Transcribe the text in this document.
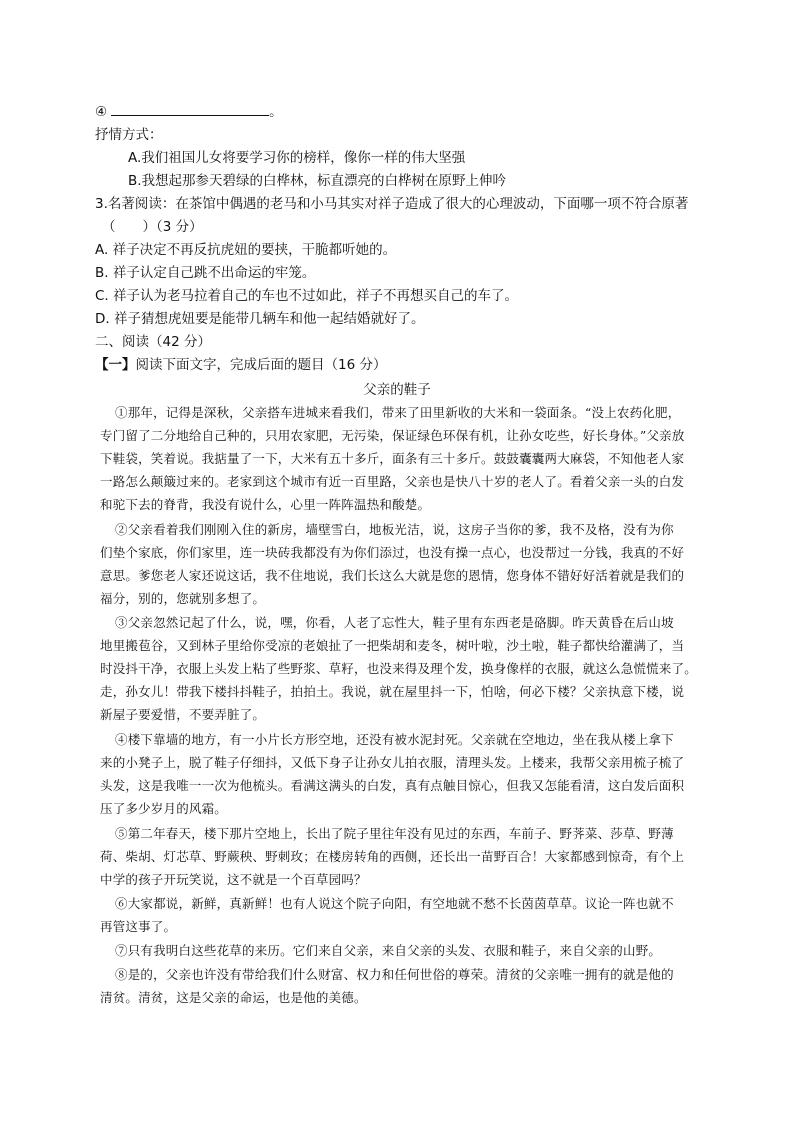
④	。
抒情方式：
A.我们祖国儿女将要学习你的榜样，像你一样的伟大坚强
B.我想起那参天碧绿的白桦林，标直漂亮的白桦树在原野上伸吟
3.名著阅读：在茶馆中偶遇的老马和小马其实对祥子造成了很大的心理波动，下面哪一项不符合原著
（　　）（3 分）
A. 祥子决定不再反抗虎妞的要挟，干脆都听她的。
B. 祥子认定自己跳不出命运的牢笼。
C. 祥子认为老马拉着自己的车也不过如此，祥子不再想买自己的车了。
D. 祥子猜想虎妞要是能带几辆车和他一起结婚就好了。
二、阅读（42 分）
【一】阅读下面文字，完成后面的题目（16 分）
父亲的鞋子
①那年，记得是深秋，父亲搭车进城来看我们，带来了田里新收的大米和一袋面条。“没上农药化肥，
专门留了二分地给自己种的，只用农家肥，无污染，保证绿色环保有机，让孙女吃些，好长身体。”父亲放
下鞋袋，笑着说。我掂量了一下，大米有五十多斤，面条有三十多斤。鼓鼓囊囊两大麻袋，不知他老人家
一路怎么颠簸过来的。老家到这个城市有近一百里路，父亲也是快八十岁的老人了。看着父亲一头的白发
和驼下去的脊背，我没有说什么，心里一阵阵温热和酸楚。
②父亲看着我们刚刚入住的新房，墙壁雪白，地板光洁，说，这房子当你的爹，我不及格，没有为你
们垫个家底，你们家里，连一块砖我都没有为你们添过，也没有操一点心，也没帮过一分钱，我真的不好
意思。爹您老人家还说这话，我不住地说，我们长这么大就是您的恩情，您身体不错好好活着就是我们的
福分，别的，您就别多想了。
③父亲忽然记起了什么，说，嘿，你看，人老了忘性大，鞋子里有东西老是硌脚。昨天黄昏在后山坡
地里搬苞谷，又到林子里给你受凉的老娘扯了一把柴胡和麦冬，树叶啦，沙土啦，鞋子都快给灌满了，当
时没抖干净，衣服上头发上粘了些野浆、草籽，也没来得及理个发，换身像样的衣服，就这么急慌慌来了。
走，孙女儿！带我下楼抖抖鞋子，拍拍土。我说，就在屋里抖一下，怕啥，何必下楼？父亲执意下楼，说
新屋子要爱惜，不要弄脏了。
④楼下靠墙的地方，有一小片长方形空地，还没有被水泥封死。父亲就在空地边，坐在我从楼上拿下
来的小凳子上，脱了鞋子仔细抖，又低下身子让孙女儿拍衣服，清理头发。上楼来，我帮父亲用梳子梳了
头发，这是我唯一一次为他梳头。看满这满头的白发，真有点触目惊心，但我又怎能看清，这白发后面积
压了多少岁月的风霜。
⑤第二年春天，楼下那片空地上，长出了院子里往年没有见过的东西，车前子、野荠菜、莎草、野薄
荷、柴胡、灯芯草、野蕨秧、野刺玫；在楼房转角的西侧，还长出一苗野百合！大家都感到惊奇，有个上
中学的孩子开玩笑说，这不就是一个百草园吗？
⑥大家都说，新鲜，真新鲜！也有人说这个院子向阳，有空地就不愁不长茵茵草草。议论一阵也就不
再管这事了。
⑦只有我明白这些花草的来历。它们来自父亲，来自父亲的头发、衣服和鞋子，来自父亲的山野。
⑧是的，父亲也许没有带给我们什么财富、权力和任何世俗的尊荣。清贫的父亲唯一拥有的就是他的
清贫。清贫，这是父亲的命运，也是他的美德。
